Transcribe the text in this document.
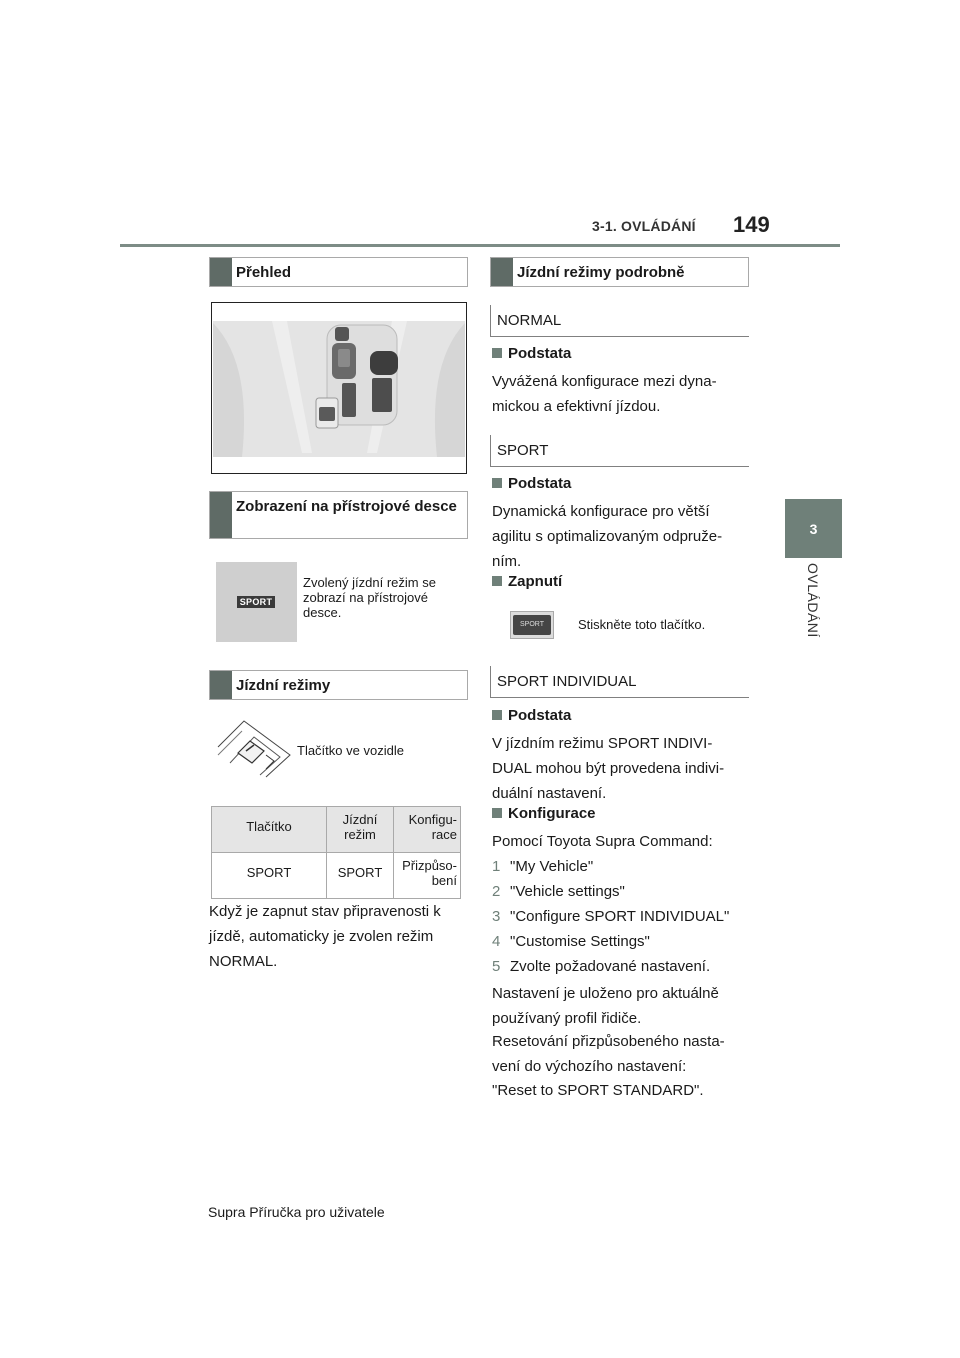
3-1. OVLÁDÁNÍ 149
3
OVLÁDÁNÍ
Přehled
Zobrazení na přístrojové desce
SPORT
Zvolený jízdní režim se zobrazí na přístrojové desce.
Jízdní režimy
Tlačítko ve vozidle
Tlačítko	Jízdní režim	Konfigu-race

SPORT	SPORT	Přizpůso-bení
Když je zapnut stav připravenosti k jízdě, automaticky je zvolen režim NORMAL.
Jízdní režimy podrobně
NORMAL
Podstata
Vyvážená konfigurace mezi dyna-mickou a efektivní jízdou.
SPORT
Podstata
Dynamická konfigurace pro větší agilitu s optimalizovaným odpruže-ním.
Zapnutí
SPORT	Stiskněte toto tlačítko.
SPORT INDIVIDUAL
Podstata
V jízdním režimu SPORT INDIVI-DUAL mohou být provedena indivi-duální nastavení.
Konfigurace
Pomocí Toyota Supra Command:
1 "My Vehicle"
2 "Vehicle settings"
3 "Configure SPORT INDIVIDUAL"
4 "Customise Settings"
5 Zvolte požadované nastavení.
Nastavení je uloženo pro aktuálně používaný profil řidiče.
Resetování přizpůsobeného nasta-vení do výchozího nastavení:
"Reset to SPORT STANDARD".
Supra Příručka pro uživatele
